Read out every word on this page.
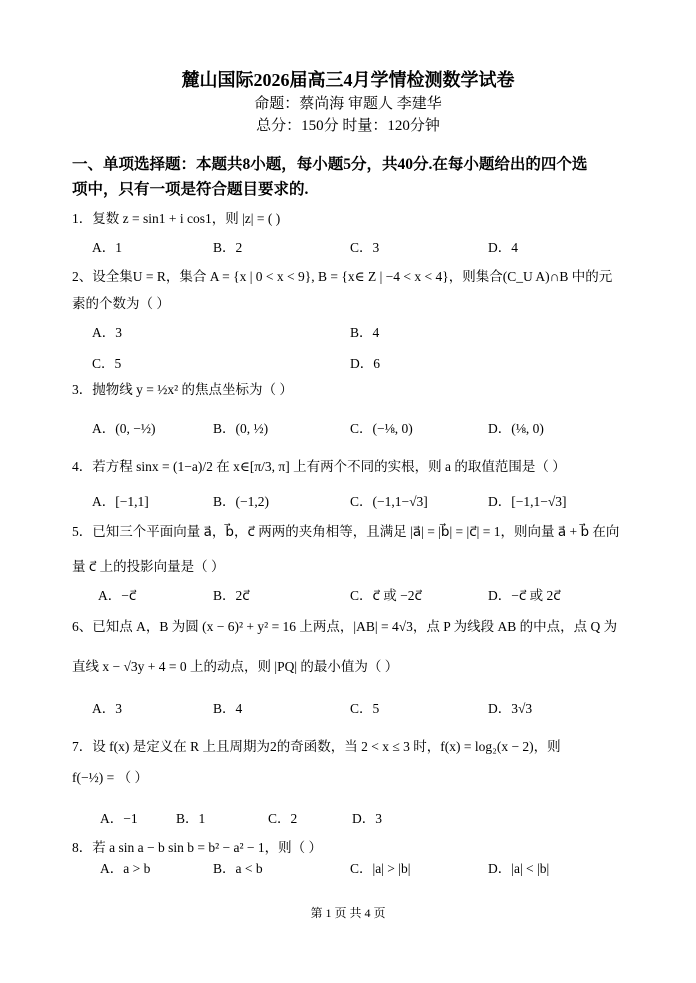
麓山国际2026届高三4月学情检测数学试卷
命题：蔡尚海 审题人 李建华
总分：150分 时量：120分钟
一、单项选择题：本题共8小题，每小题5分，共40分.在每小题给出的四个选
项中，只有一项是符合题目要求的.
1．复数 z = sin1 + i cos1，则 |z| = ( )
A．1	B．2	C．3	D．4
2、设全集U = R，集合 A = {x | 0 < x < 9}, B = {x∈ Z | −4 < x < 4}，则集合(C_U A)∩B 中的元
素的个数为（ ）
A．3	B．4
C．5	D．6
3．抛物线 y = ½x² 的焦点坐标为（ ）
A．(0, −½)	B．(0, ½)	C．(−⅛, 0)	D．(⅛, 0)
4．若方程 sinx = (1−a)/2 在 x∈[π/3, π] 上有两个不同的实根，则 a 的取值范围是（ ）
A．[−1,1]	B．(−1,2)	C．(−1,1−√3]	D．[−1,1−√3]
5．已知三个平面向量 a⃗，b⃗，c⃗ 两两的夹角相等，且满足 |a⃗| = |b⃗| = |c⃗| = 1，则向量 a⃗ + b⃗ 在向
量 c⃗ 上的投影向量是（ ）
A．−c⃗	B．2c⃗	C．c⃗ 或 −2c⃗	D．−c⃗ 或 2c⃗
6、已知点 A，B 为圆 (x − 6)² + y² = 16 上两点，|AB| = 4√3，点 P 为线段 AB 的中点，点 Q 为
直线 x − √3y + 4 = 0 上的动点，则 |PQ| 的最小值为（ ）
A．3	B．4	C．5	D．3√3
7．设 f(x) 是定义在 R 上且周期为2的奇函数，当 2 < x ≤ 3 时，f(x) = log₂(x − 2)，则
f(−½) = （ ）
A．−1	B．1	C．2	D．3
8．若 a sin a − b sin b = b² − a² − 1，则（ ）
A．a > b	B．a < b	C．|a| > |b|	D．|a| < |b|
第 1 页 共 4 页
